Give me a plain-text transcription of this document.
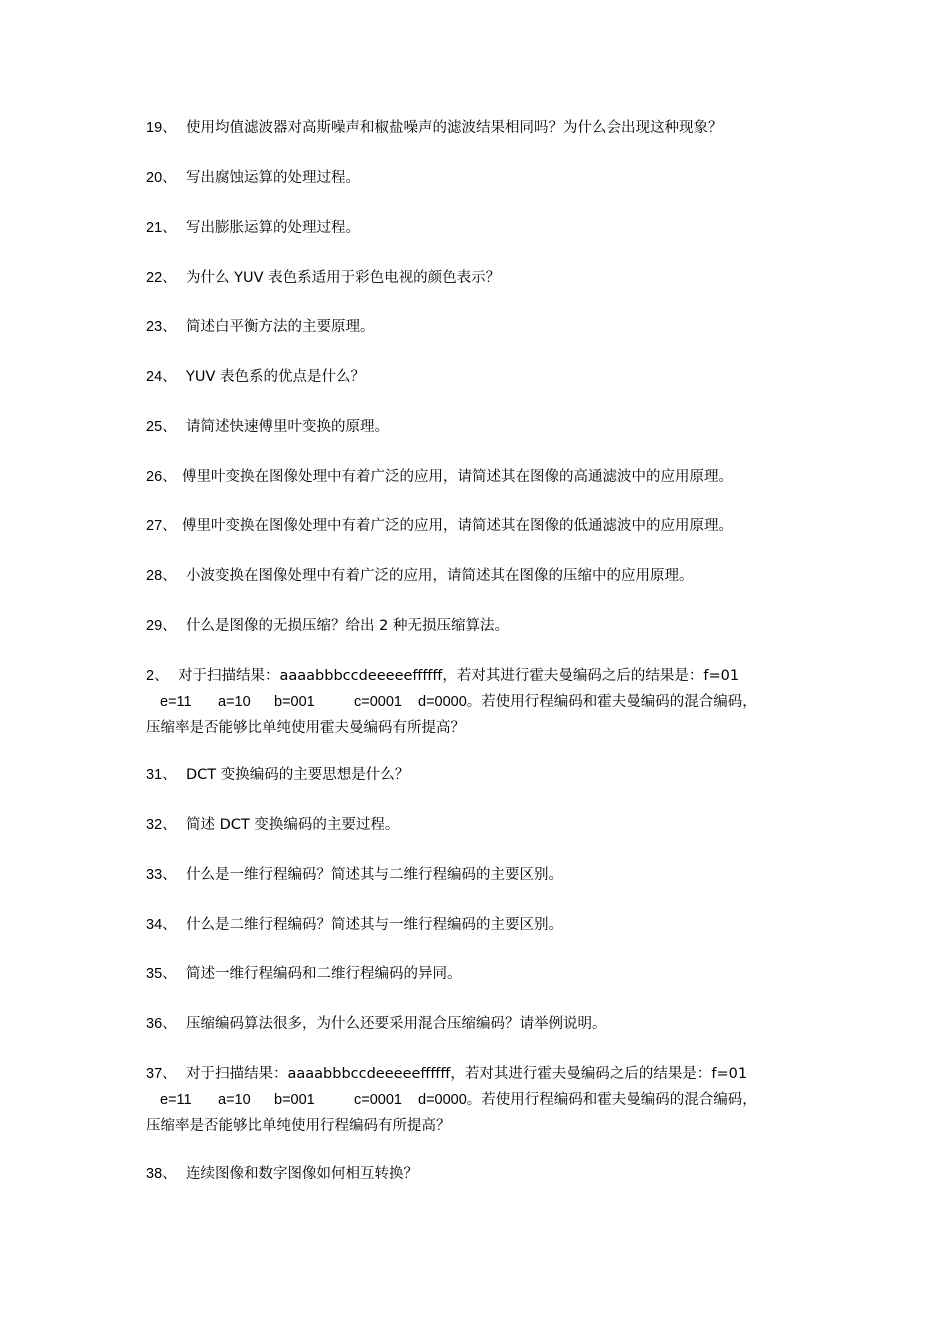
19、 使用均值滤波器对高斯噪声和椒盐噪声的滤波结果相同吗？为什么会出现这种现象？
20、 写出腐蚀运算的处理过程。
21、 写出膨胀运算的处理过程。
22、 为什么 YUV 表色系适用于彩色电视的颜色表示？
23、 简述白平衡方法的主要原理。
24、 YUV 表色系的优点是什么？
25、 请简述快速傅里叶变换的原理。
26、 傅里叶变换在图像处理中有着广泛的应用，请简述其在图像的高通滤波中的应用原理。
27、 傅里叶变换在图像处理中有着广泛的应用，请简述其在图像的低通滤波中的应用原理。
28、 小波变换在图像处理中有着广泛的应用，请简述其在图像的压缩中的应用原理。
29、 什么是图像的无损压缩？给出 2 种无损压缩算法。
2、 对于扫描结果：aaaabbbccdeeeeeffffff，若对其进行霍夫曼编码之后的结果是：f=01
e=11 a=10 b=001	c=0001 d=0000。若使用行程编码和霍夫曼编码的混合编码，
压缩率是否能够比单纯使用霍夫曼编码有所提高？
31、 DCT 变换编码的主要思想是什么？
32、 简述 DCT 变换编码的主要过程。
33、 什么是一维行程编码？简述其与二维行程编码的主要区别。
34、 什么是二维行程编码？简述其与一维行程编码的主要区别。
35、 简述一维行程编码和二维行程编码的异同。
36、 压缩编码算法很多，为什么还要采用混合压缩编码？请举例说明。
37、 对于扫描结果：aaaabbbccdeeeeeffffff，若对其进行霍夫曼编码之后的结果是：f=01
e=11 a=10 b=001	c=0001 d=0000。若使用行程编码和霍夫曼编码的混合编码，
压缩率是否能够比单纯使用行程编码有所提高？
38、 连续图像和数字图像如何相互转换？
